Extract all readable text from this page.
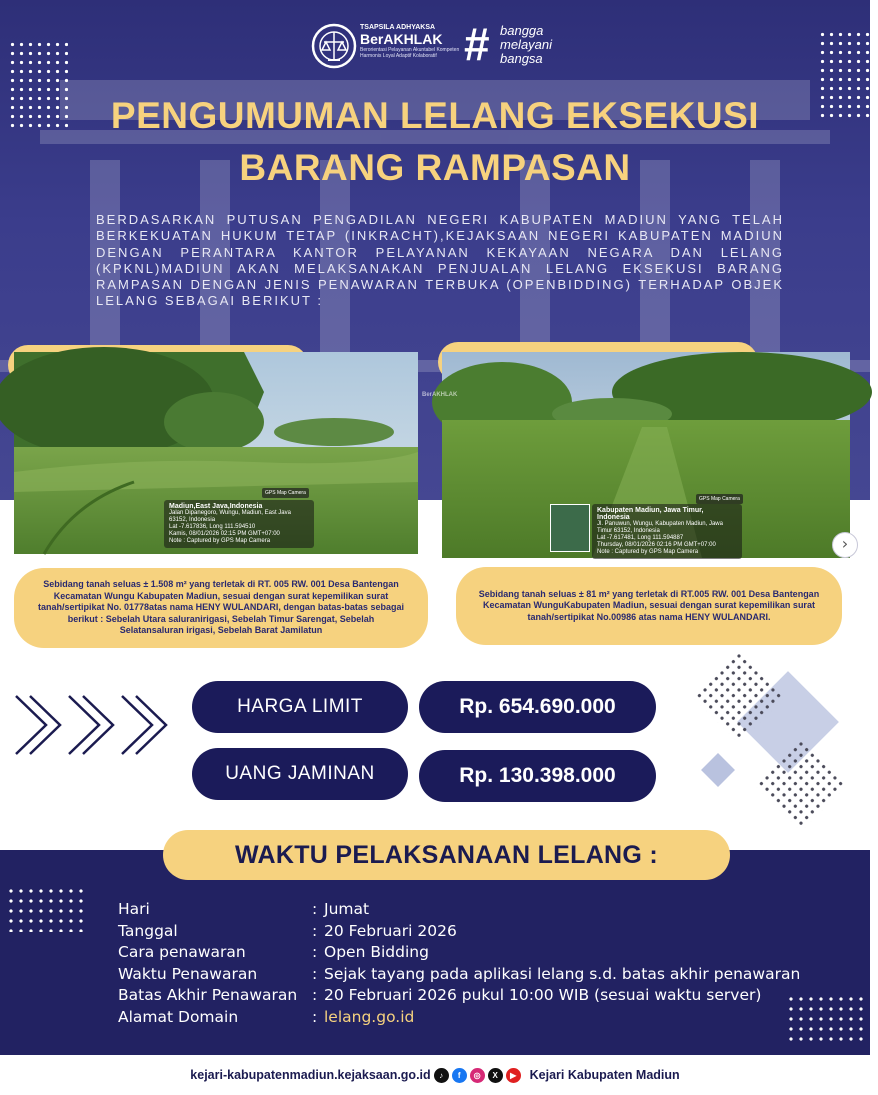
TSAPSILA ADHYAKSA
BerAKHLAK
Berorientasi Pelayanan Akuntabel Kompeten Harmonis Loyal Adaptif Kolaboratif # bangga
melayani
bangsa
PENGUMUMAN LELANG EKSEKUSI
BARANG RAMPASAN
BERDASARKAN PUTUSAN PENGADILAN NEGERI KABUPATEN MADIUN YANG TELAH BERKEKUATAN HUKUM TETAP (INKRACHT),KEJAKSAAN NEGERI KABUPATEN MADIUN DENGAN PERANTARA KANTOR PELAYANAN KEKAYAAN NEGARA DAN LELANG (KPKNL)MADIUN AKAN MELAKSANAKAN PENJUALAN LELANG EKSEKUSI BARANG RAMPASAN DENGAN JENIS PENAWARAN TERBUKA (OPENBIDDING) TERHADAP OBJEK LELANG SEBAGAI BERIKUT :
GPS Map Camera
Madiun,East Java,Indonesia
Jalan Dipanegoro, Wungu, Madiun, East Java 63152, Indonesia
Lat -7.617836, Long 111.594510
Kamis, 08/01/2026 02:15 PM GMT+07:00
Note : Captured by GPS Map Camera
BerAKHLAK
GPS Map Camera
Kabupaten Madiun, Jawa Timur, Indonesia
Jl. Panuwun, Wungu, Kabupaten Madiun, Jawa Timur 63152, Indonesia
Lat -7.617481, Long 111.594887
Thursday, 08/01/2026 02:16 PM GMT+07:00
Note : Captured by GPS Map Camera	›
Sebidang tanah seluas ± 1.508 m² yang terletak di RT. 005 RW. 001 Desa Bantengan Kecamatan Wungu Kabupaten Madiun, sesuai dengan surat kepemilikan surat tanah/sertipikat No. 01778atas nama HENY WULANDARI, dengan batas-batas sebagai berikut : Sebelah Utara saluranirigasi, Sebelah Timur Sarengat, Sebelah Selatansaluran irigasi, Sebelah Barat Jamilatun
Sebidang tanah seluas ± 81 m² yang terletak di RT.005 RW. 001 Desa Bantengan Kecamatan WunguKabupaten Madiun, sesuai dengan surat kepemilikan surat tanah/sertipikat No.00986 atas nama HENY WULANDARI.
HARGA LIMIT	Rp. 654.690.000
UANG JAMINAN	Rp. 130.398.000
WAKTU PELAKSANAAN LELANG :
Hari	: Jumat
Tanggal	: 20 Februari 2026
Cara penawaran	: Open Bidding
Waktu Penawaran	: Sejak tayang pada aplikasi lelang s.d. batas akhir penawaran
Batas Akhir Penawaran : 20 Februari 2026 pukul 10:00 WIB (sesuai waktu server)
Alamat Domain	: lelang.go.id
kejari-kabupatenmadiun.kejaksaan.go.id	♪	f	◎	X	▶	Kejari Kabupaten Madiun
